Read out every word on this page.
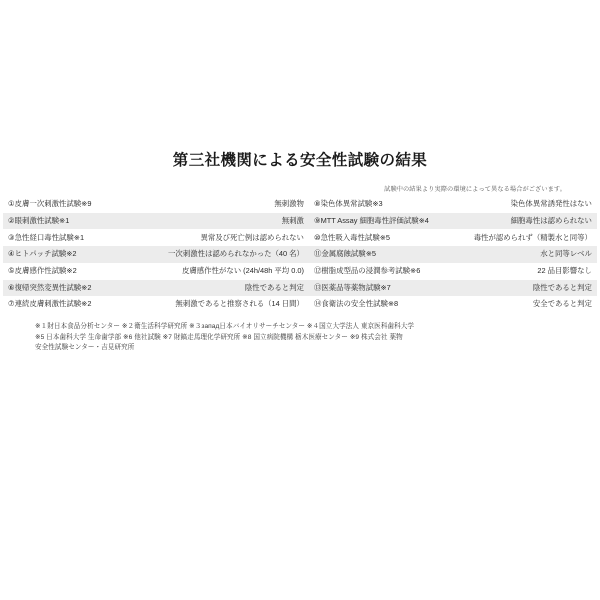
第三社機関による安全性試験の結果
試験中の結果より実際の環境によって異なる場合がございます。
①皮膚一次刺激性試験※9	無刺激物
②眼刺激性試験※1	無刺激
③急性経口毒性試験※1	異常及び死亡例は認められない
④ヒトパッチ試験※2	一次刺激性は認められなかった（40 名）
⑤皮膚感作性試験※2	皮膚感作性がない (24h/48h 平均 0.0)
⑥復帰突然変異性試験※2	陰性であると判定
⑦連続皮膚刺激性試験※2	無刺激であると推察される（14 日間）
⑧染色体異常試験※3	染色体異常誘発性はない
⑨MTT Assay 細胞毒性評価試験※4	細胞毒性は認められない
⑩急性吸入毒性試験※5	毒性が認められず（精製水と同等）
⑪金属腐蝕試験※5	水と同等レベル
⑫樹脂成型品の浸潤参考試験※6	22 品目影響なし
⑬医薬品等薬物試験※7	陰性であると判定
⑭食衛法の安全性試験※8	安全であると判定
※１財日本食品分析センター ※２衛生活科学研究所 ※３запад日本バイオリサーチセンター ※４国立大学法人 東京医科歯科大学
※5 日本歯科大学 生命歯学部 ※6 他社試験 ※7 財鎬走馬理化学研究所 ※8 国立病院機構 栃木医療センター ※9 株式会社 薬物
安全性試験センター・吉見研究所
